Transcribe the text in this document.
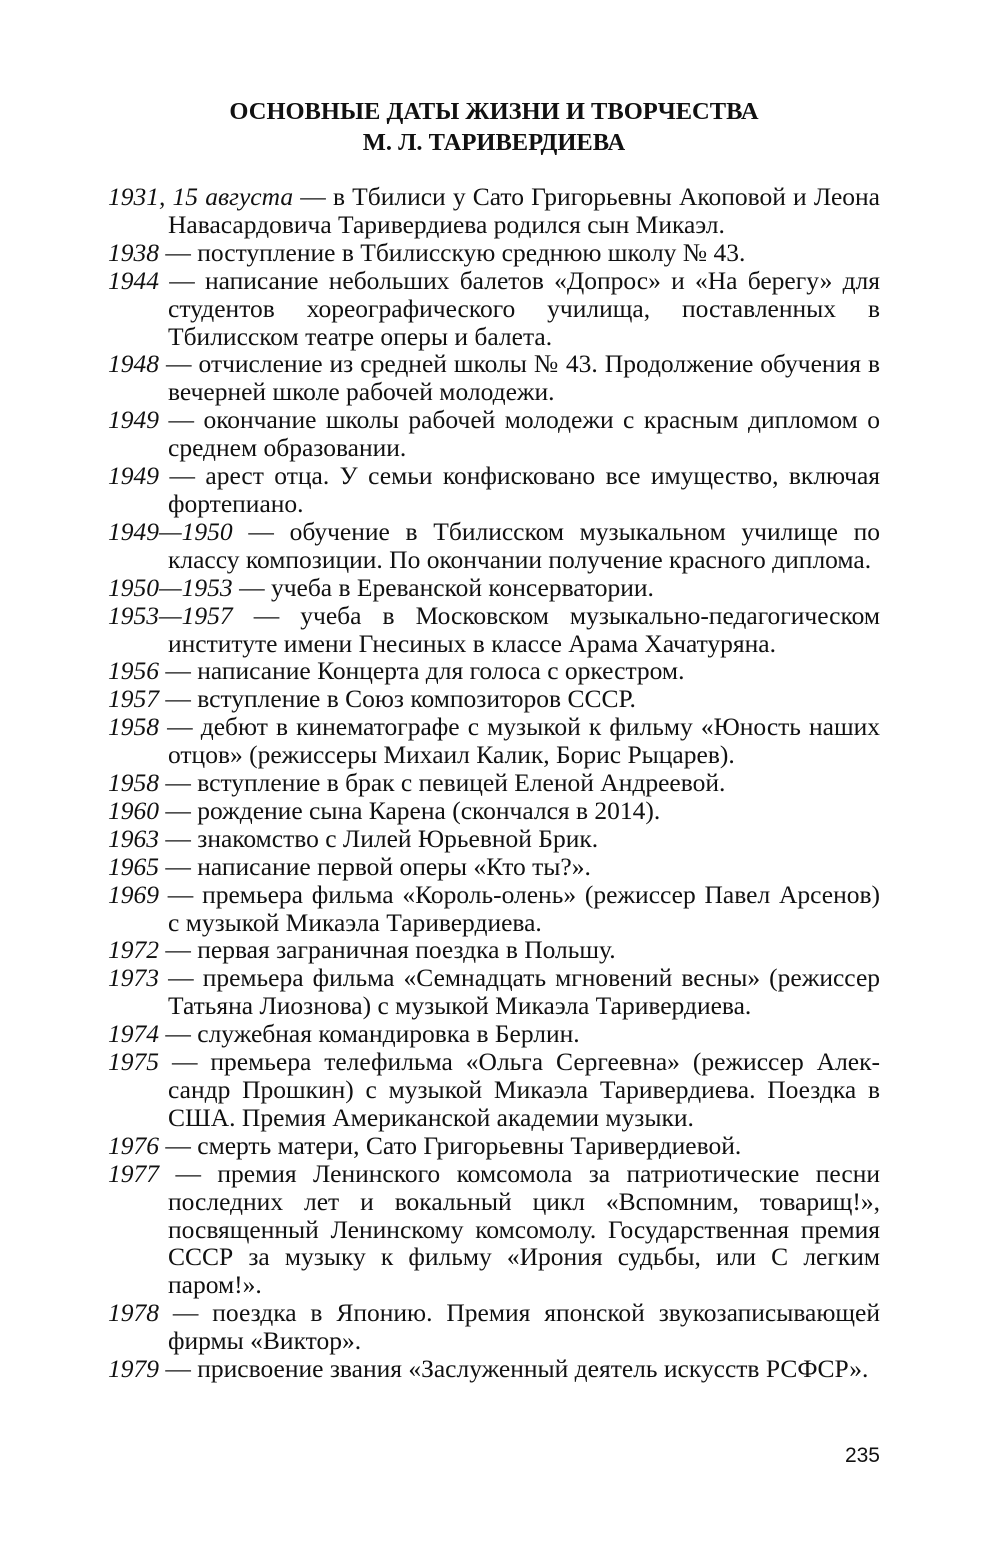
ОСНОВНЫЕ ДАТЫ ЖИЗНИ И ТВОРЧЕСТВА
М. Л. ТАРИВЕРДИЕВА

1931, 15 августа — в Тбилиси у Сато Григорьевны Акоповой и Леона Навасардовича Таривердиева родился сын Микаэл.

1938 — поступление в Тбилисскую среднюю школу № 43.

1944 — написание небольших балетов «Допрос» и «На берегу» для студентов хореографического училища, поставленных в Тбилисском театре оперы и балета.

1948 — отчисление из средней школы № 43. Продолжение обучения в вечерней школе рабочей молодежи.

1949 — окончание школы рабочей молодежи с красным дипломом о среднем образовании.

1949 — арест отца. У семьи конфисковано все имущество, включая фортепиано.

1949—1950 — обучение в Тбилисском музыкальном училище по классу композиции. По окончании получение красного диплома.

1950—1953 — учеба в Ереванской консерватории.

1953—1957 — учеба в Московском музыкально-педагогическом институте имени Гнесиных в классе Арама Хачатуряна.

1956 — написание Концерта для голоса с оркестром.

1957 — вступление в Союз композиторов СССР.

1958 — дебют в кинематографе с музыкой к фильму «Юность наших отцов» (режиссеры Михаил Калик, Борис Рыцарев).

1958 — вступление в брак с певицей Еленой Андреевой.

1960 — рождение сына Карена (скончался в 2014).

1963 — знакомство с Лилей Юрьевной Брик.

1965 — написание первой оперы «Кто ты?».

1969 — премьера фильма «Король-олень» (режиссер Павел Арсенов) с музыкой Микаэла Таривердиева.

1972 — первая заграничная поездка в Польшу.

1973 — премьера фильма «Семнадцать мгновений весны» (режиссер Татьяна Лиознова) с музыкой Микаэла Таривердиева.

1974 — служебная командировка в Берлин.

1975 — премьера телефильма «Ольга Сергеевна» (режиссер Александр Прошкин) с музыкой Микаэла Таривердиева. Поездка в США. Премия Американской академии музыки.

1976 — смерть матери, Сато Григорьевны Таривердиевой.

1977 — премия Ленинского комсомола за патриотические песни последних лет и вокальный цикл «Вспомним, товарищ!», посвященный Ленинскому комсомолу. Государственная премия СССР за музыку к фильму «Ирония судьбы, или С легким паром!».

1978 — поездка в Японию. Премия японской звукозаписывающей фирмы «Виктор».

1979 — присвоение звания «Заслуженный деятель искусств РСФСР».

235
